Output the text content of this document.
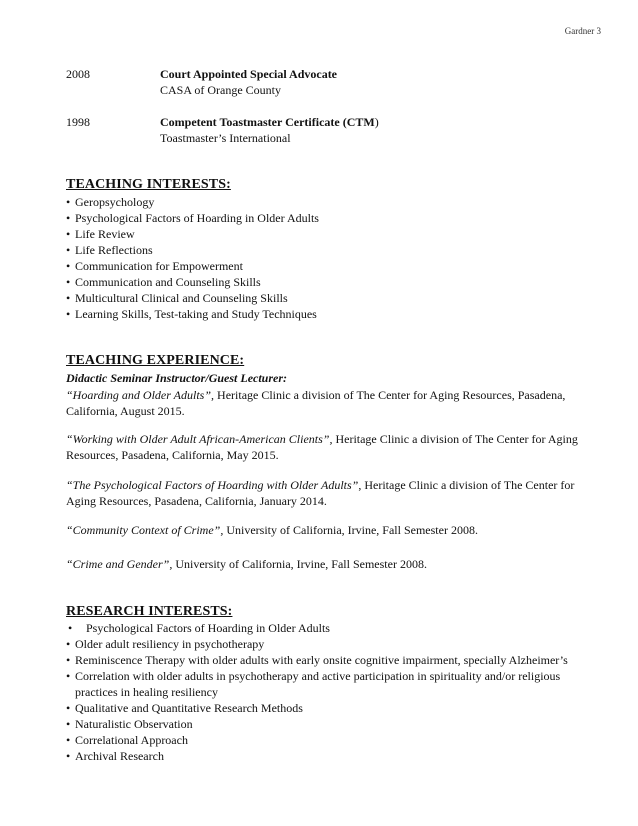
Gardner 3
2008	Court Appointed Special Advocate
CASA of Orange County
1998	Competent Toastmaster Certificate (CTM)
Toastmaster’s International
TEACHING INTERESTS:
• Geropsychology
• Psychological Factors of Hoarding in Older Adults
• Life Review
• Life Reflections
• Communication for Empowerment
• Communication and Counseling Skills
• Multicultural Clinical and Counseling Skills
• Learning Skills, Test-taking and Study Techniques
TEACHING EXPERIENCE:
Didactic Seminar Instructor/Guest Lecturer:
“Hoarding and Older Adults”, Heritage Clinic a division of The Center for Aging Resources, Pasadena, California, August 2015.
“Working with Older Adult African-American Clients”, Heritage Clinic a division of The Center for Aging Resources, Pasadena, California, May 2015.
“The Psychological Factors of Hoarding with Older Adults”, Heritage Clinic a division of The Center for Aging Resources, Pasadena, California, January 2014.
“Community Context of Crime”, University of California, Irvine, Fall Semester 2008.
“Crime and Gender”, University of California, Irvine, Fall Semester 2008.
RESEARCH INTERESTS:
• Psychological Factors of Hoarding in Older Adults
• Older adult resiliency in psychotherapy
• Reminiscence Therapy with older adults with early onsite cognitive impairment, specially Alzheimer’s
• Correlation with older adults in psychotherapy and active participation in spirituality and/or religious practices in healing resiliency
• Qualitative and Quantitative Research Methods
• Naturalistic Observation
• Correlational Approach
• Archival Research
